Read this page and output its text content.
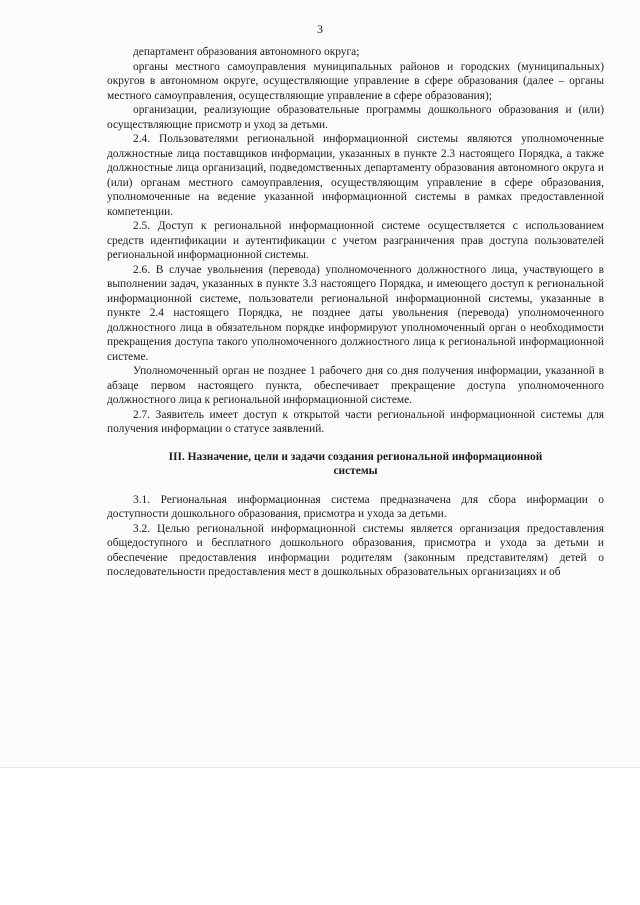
3

департамент образования автономного округа;

органы местного самоуправления муниципальных районов и городских (муниципальных) округов в автономном округе, осуществляющие управление в сфере образования (далее – органы местного самоуправления, осуществляющие управление в сфере образования);

организации, реализующие образовательные программы дошкольного образования и (или) осуществляющие присмотр и уход за детьми.

2.4. Пользователями региональной информационной системы являются уполномоченные должностные лица поставщиков информации, указанных в пункте 2.3 настоящего Порядка, а также должностные лица организаций, подведомственных департаменту образования автономного округа и (или) органам местного самоуправления, осуществляющим управление в сфере образования, уполномоченные на ведение указанной информационной системы в рамках предоставленной компетенции.

2.5. Доступ к региональной информационной системе осуществляется с использованием средств идентификации и аутентификации с учетом разграничения прав доступа пользователей региональной информационной системы.

2.6. В случае увольнения (перевода) уполномоченного должностного лица, участвующего в выполнении задач, указанных в пункте 3.3 настоящего Порядка, и имеющего доступ к региональной информационной системе, пользователи региональной информационной системы, указанные в пункте 2.4 настоящего Порядка, не позднее даты увольнения (перевода) уполномоченного должностного лица в обязательном порядке информируют уполномоченный орган о необходимости прекращения доступа такого уполномоченного должностного лица к региональной информационной системе.

Уполномоченный орган не позднее 1 рабочего дня со дня получения информации, указанной в абзаце первом настоящего пункта, обеспечивает прекращение доступа уполномоченного должностного лица к региональной информационной системе.

2.7. Заявитель имеет доступ к открытой части региональной информационной системы для получения информации о статусе заявлений.

III. Назначение, цели и задачи создания региональной информационной системы

3.1. Региональная информационная система предназначена для сбора информации о доступности дошкольного образования, присмотра и ухода за детьми.

3.2. Целью региональной информационной системы является организация предоставления общедоступного и бесплатного дошкольного образования, присмотра и ухода за детьми и обеспечение предоставления информации родителям (законным представителям) детей о последовательности предоставления мест в дошкольных образовательных организациях и об
